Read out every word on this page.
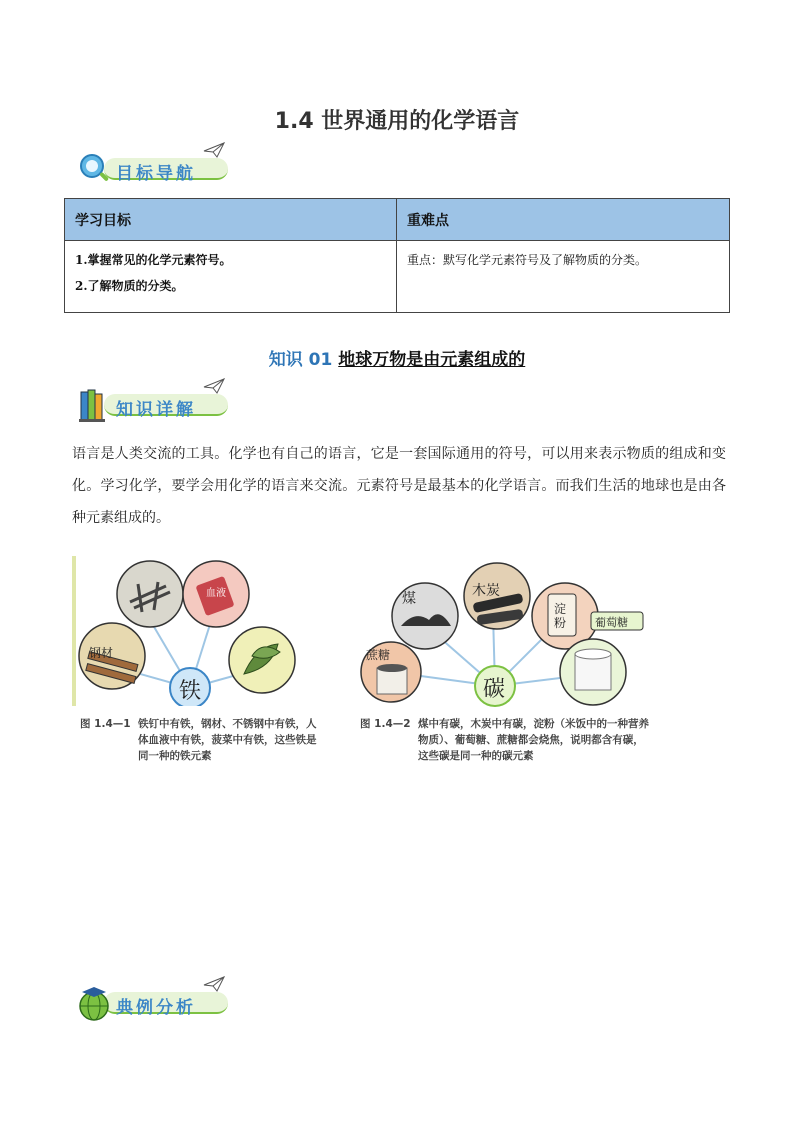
1.4 世界通用的化学语言
目标导航
学习目标	重难点

1.掌握常见的化学元素符号。
2.了解物质的分类。	重点：默写化学元素符号及了解物质的分类。
知识 01 地球万物是由元素组成的
知识详解
语言是人类交流的工具。化学也有自己的语言，它是一套国际通用的符号，可以用来表示物质的组成和变化。学习化学，要学会用化学的语言来交流。元素符号是最基本的化学语言。而我们生活的地球也是由各种元素组成的。
铁
钢材
血液
图 1.4—1 铁钉中有铁，钢材、不锈钢中有铁，人体血液中有铁，菠菜中有铁，这些铁是同一种的铁元素
碳
煤	木炭
淀粉	葡萄糖
蔗糖
图 1.4—2 煤中有碳，木炭中有碳，淀粉（米饭中的一种营养物质）、葡萄糖、蔗糖都会烧焦，说明都含有碳，这些碳是同一种的碳元素
典例分析
